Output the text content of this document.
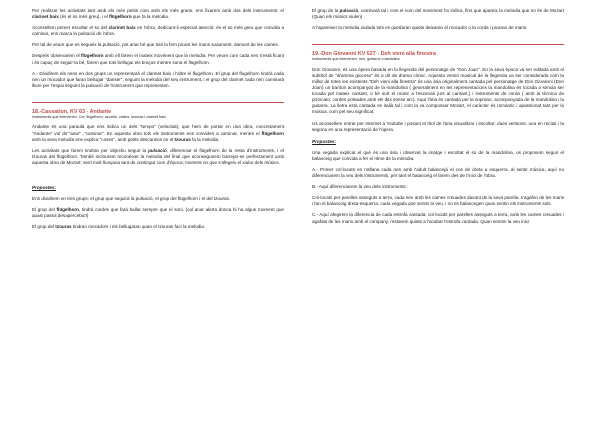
Per realitzar les activitats tant amb els més petits com amb els més grans, ens fixarem amb dos dels instruments: el clarinet baix (és el so més greu), i el flügelhorn que fa la melodia.

Aconsellem primer escoltar el so del clarinet baix en l'obra, dedicant-li especial atenció: és el so més greu que convida a caminar, ens marca la pulsació de l'obra.

Per tal de veure que es segueix la pulsació, pot anar bé que tots la fem picant les mans suaument, damunt de les cames.

Després observarem el flügelhorn amb ell farem el mateix moviment que la melodia. Per veure com cada nen s'està ficant i és capaç de seguir-la bé, farem que tots bellugui els braços mentre sona el flügelhorn.

A.- Dividirem els nens en dos grups un representarà el clarinet baix i l'altre el flugelhorn. El grup del flugelhorn tindrà cada nen un mocador que faran bellugar "danser", seguint la melodia del seu instrument, i el grup del clarinet cada nen caminarà lliure per l'espai seguint la pulsació de l'instrument que representen.

18.-Cassation, KV 63 - Andante
Instruments que intervenen: Cor, flügelhorn, acordió, violins, tzouras i clarinet baix

Andante és una paraula que ens indica un dels "tempo" (velocitat), que hem de portar en una obra, concretament "Andante" vol dir:"anar" ,"caminar". En aquesta obra tots els instruments ens conviden a caminar, mentre el flügelhorn amb la seva melodia ens explica "coses", amb petits descansos on el tzouras fa la melodia.

Les activitats que farem tindran per objectiu seguir la pulsació, diferenciar el flügelhorn de la resta d'instruments, i el tzouras del flügelhorn. També inclourem reconèixer la melodia del final que aconseguirem barrejar-se perfectament amb aquesta obra de Mozart: sent molt llunyana tant de contingut com d'època; moment on que s'afegeix el xiular dels músics.

Propostes:

Ens dividirem en tres grups: el grup que seguirà la pulsació, el grup del flügelhorn i el del tzouras.

El grup del flügelhorn, tindrà cordes que farà ballar sempre que el soni, (cal anar alerta donca hi ha algun moment que quasi passa desapercebut!)

El grup del tzouras tindran mocadors i els bellugaran quan el tzouras faci la melodia.

El grup de la pulsació, caminarà tal i com el nom del moviment ho indica, fins que apareix la melodia que no és de Mozart (Quan els músics xiulen)

A l'apareixer la melodia xiulada tots es quedaran quiets deixaran el mocador o la corda i picaran de mans.

19.-Don Giovanni KV 527 - Deh vieni alla finestra
Instruments que intervenen: Veu, guitarra i mandolina

Don Giovanni, és una ópera basada en la llegenda del personatge de "Don Joan". En la seva època va ser editada amb el subtítol de "dramma giocoso" és a dir de drama còmic. Aquesta versió musical de la llegenda va ser considerada com la millor de totes les existents."Deh vieni alla finestra" és una ària originalment cantada pel personatge de Don Giovanni (Don Joan) un baríton acompanyat de la mandolina ( generalment en les representacions la mandolina és tocada o simula ser tocada pel mateix cantant, o bé surt el músic a l'escenari junt al cantant,) i instruments de corda ( amb la tècnica de pizzicato: cordes polsades amb els dits sense arc). Aquí l'ària és cantada per la soprano, acompanyada de la mandolina i la guitarra. La lletra està cantada en italià tal i com la va compossar Mozart, el caràcter és romàntic i apassionat tant per la música, com pel seu significat.

Us aconsellem entrar per Internet a Youtube i posant el títol de l'ària visualitzar i escoltar; dues versions: una en recital i la segona en una representació de l'ópera.

Propostes:

Una vegada explicat el què és una ària i observat la imatge i escoltat el so de la mandolina, us proposem seguir el balanceig que convida a fer el ritme de la melodia.

A.- Primer col·locats en rotllana cada nen amb l'adult balancejà el cos de dreta a esquerra, al sentir música, aquí no diferenciarem la veu dels instruments, per tant el balanceig el farem des de l'inici de l'obra.

B.- Aquí diferenciarem la veu dels instruments :

Col·locats per parelles asseguts a terra, cada nen amb les cames creuades davant de la seva parella, s'agafen de les mans i fan el balanceig dreta-esquerra, cada vegada que sentin la veu, i no es balancegen quan sentin els instruments sols.

C.- Aquí afegirem la diferencia de cada estrofa cantada: col·locats per parelles asseguts a terra, amb les cames creuades i agafats de les mans amb el company, restarem quiets a l'acabar l'estrofa cantada. Quan sentim la veu inici
